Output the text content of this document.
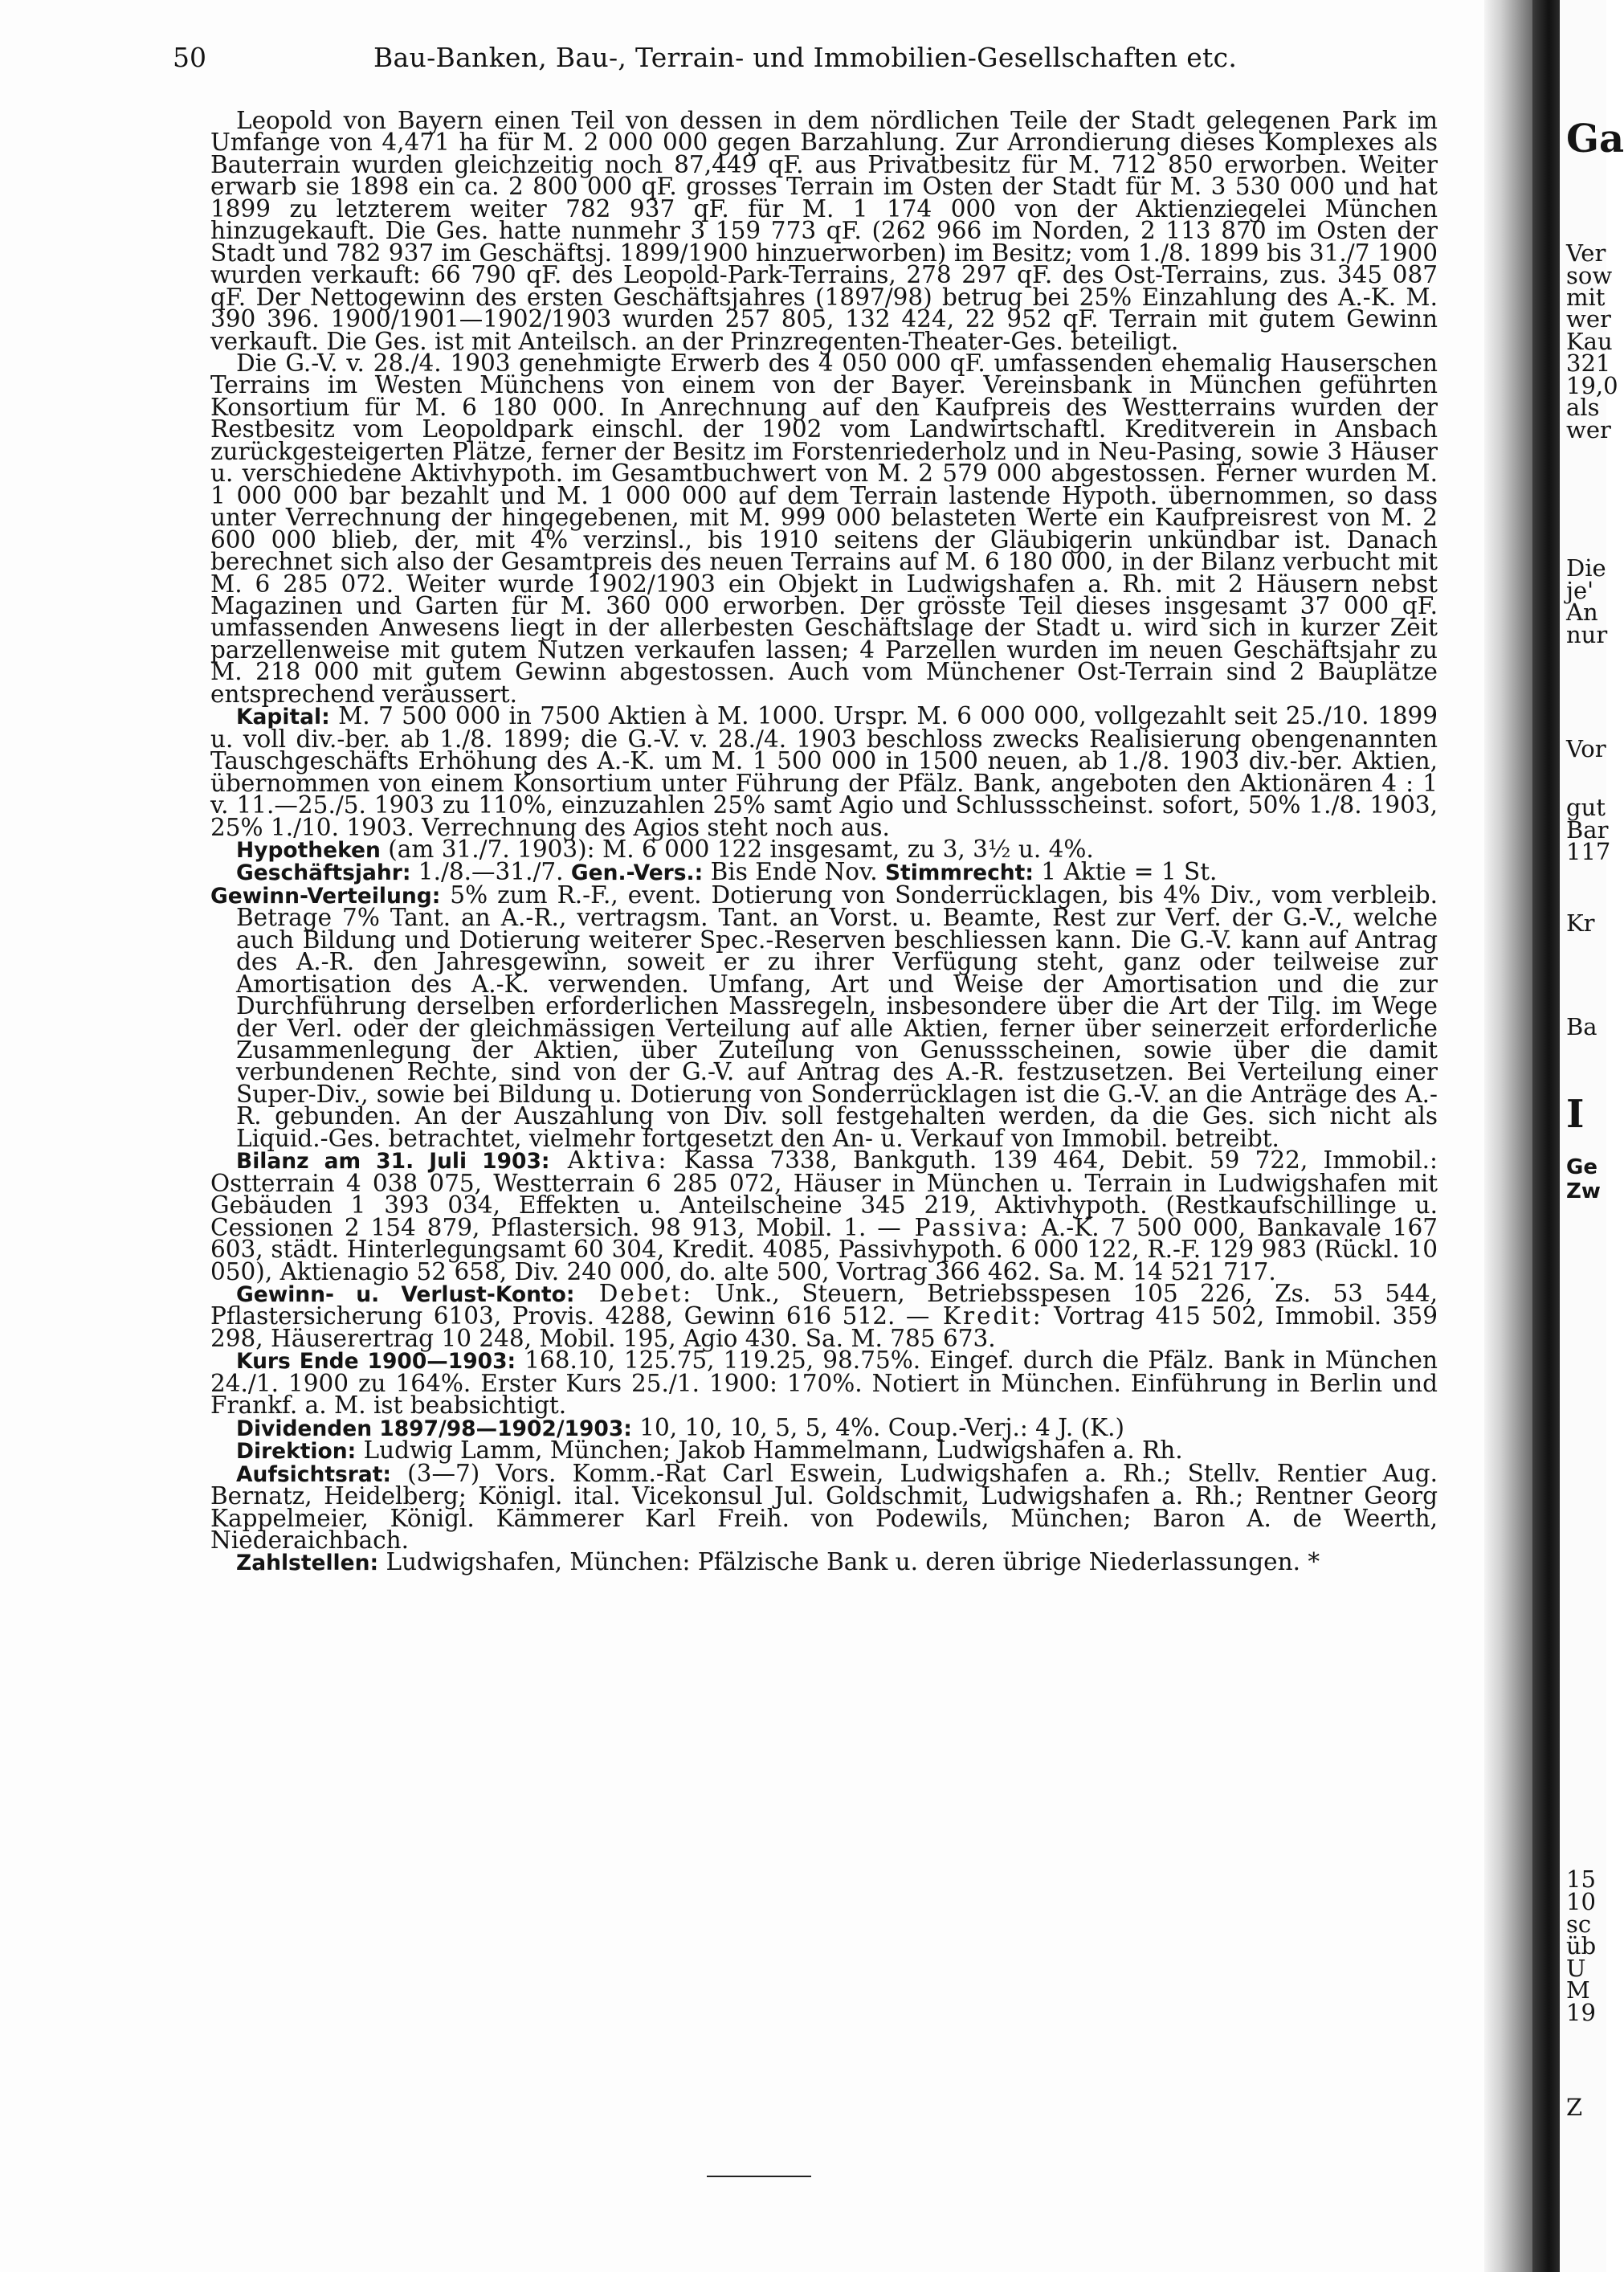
50	Bau-Banken, Bau-, Terrain- und Immobilien-Gesellschaften etc.

Leopold von Bayern einen Teil von dessen in dem nördlichen Teile der Stadt gelegenen Park im Umfange von 4,471 ha für M. 2 000 000 gegen Barzahlung. Zur Arrondierung dieses Komplexes als Bauterrain wurden gleichzeitig noch 87,449 qF. aus Privatbesitz für M. 712 850 erworben. Weiter erwarb sie 1898 ein ca. 2 800 000 qF. grosses Terrain im Osten der Stadt für M. 3 530 000 und hat 1899 zu letzterem weiter 782 937 qF. für M. 1 174 000 von der Aktienziegelei München hinzugekauft. Die Ges. hatte nunmehr 3 159 773 qF. (262 966 im Norden, 2 113 870 im Osten der Stadt und 782 937 im Geschäftsj. 1899/1900 hinzuerworben) im Besitz; vom 1./8. 1899 bis 31./7 1900 wurden verkauft: 66 790 qF. des Leopold-Park-Terrains, 278 297 qF. des Ost-Terrains, zus. 345 087 qF. Der Nettogewinn des ersten Geschäftsjahres (1897/98) betrug bei 25% Einzahlung des A.-K. M. 390 396. 1900/1901—1902/1903 wurden 257 805, 132 424, 22 952 qF. Terrain mit gutem Gewinn verkauft. Die Ges. ist mit Anteilsch. an der Prinzregenten-Theater-Ges. beteiligt.

Die G.-V. v. 28./4. 1903 genehmigte Erwerb des 4 050 000 qF. umfassenden ehemalig Hauserschen Terrains im Westen Münchens von einem von der Bayer. Vereinsbank in München geführten Konsortium für M. 6 180 000. In Anrechnung auf den Kaufpreis des Westterrains wurden der Restbesitz vom Leopoldpark einschl. der 1902 vom Landwirtschaftl. Kreditverein in Ansbach zurückgesteigerten Plätze, ferner der Besitz im Forstenriederholz und in Neu-Pasing, sowie 3 Häuser u. verschiedene Aktivhypoth. im Gesamtbuchwert von M. 2 579 000 abgestossen. Ferner wurden M. 1 000 000 bar bezahlt und M. 1 000 000 auf dem Terrain lastende Hypoth. übernommen, so dass unter Verrechnung der hingegebenen, mit M. 999 000 belasteten Werte ein Kaufpreisrest von M. 2 600 000 blieb, der, mit 4% verzinsl., bis 1910 seitens der Gläubigerin unkündbar ist. Danach berechnet sich also der Gesamtpreis des neuen Terrains auf M. 6 180 000, in der Bilanz verbucht mit M. 6 285 072. Weiter wurde 1902/1903 ein Objekt in Ludwigshafen a. Rh. mit 2 Häusern nebst Magazinen und Garten für M. 360 000 erworben. Der grösste Teil dieses insgesamt 37 000 qF. umfassenden Anwesens liegt in der allerbesten Geschäftslage der Stadt u. wird sich in kurzer Zeit parzellenweise mit gutem Nutzen verkaufen lassen; 4 Parzellen wurden im neuen Geschäftsjahr zu M. 218 000 mit gutem Gewinn abgestossen. Auch vom Münchener Ost-Terrain sind 2 Bauplätze entsprechend veräussert.

Kapital: M. 7 500 000 in 7500 Aktien à M. 1000. Urspr. M. 6 000 000, vollgezahlt seit 25./10. 1899 u. voll div.-ber. ab 1./8. 1899; die G.-V. v. 28./4. 1903 beschloss zwecks Realisierung obengenannten Tauschgeschäfts Erhöhung des A.-K. um M. 1 500 000 in 1500 neuen, ab 1./8. 1903 div.-ber. Aktien, übernommen von einem Konsortium unter Führung der Pfälz. Bank, angeboten den Aktionären 4 : 1 v. 11.—25./5. 1903 zu 110%, einzuzahlen 25% samt Agio und Schlussscheinst. sofort, 50% 1./8. 1903, 25% 1./10. 1903. Verrechnung des Agios steht noch aus.

Hypotheken (am 31./7. 1903): M. 6 000 122 insgesamt, zu 3, 3½ u. 4%.

Geschäftsjahr: 1./8.—31./7. Gen.-Vers.: Bis Ende Nov. Stimmrecht: 1 Aktie = 1 St.

Gewinn-Verteilung: 5% zum R.-F., event. Dotierung von Sonderrücklagen, bis 4% Div., vom verbleib. Betrage 7% Tant. an A.-R., vertragsm. Tant. an Vorst. u. Beamte, Rest zur Verf. der G.-V., welche auch Bildung und Dotierung weiterer Spec.-Reserven beschliessen kann. Die G.-V. kann auf Antrag des A.-R. den Jahresgewinn, soweit er zu ihrer Verfügung steht, ganz oder teilweise zur Amortisation des A.-K. verwenden. Umfang, Art und Weise der Amortisation und die zur Durchführung derselben erforderlichen Massregeln, insbesondere über die Art der Tilg. im Wege der Verl. oder der gleichmässigen Verteilung auf alle Aktien, ferner über seinerzeit erforderliche Zusammenlegung der Aktien, über Zuteilung von Genussscheinen, sowie über die damit verbundenen Rechte, sind von der G.-V. auf Antrag des A.-R. festzusetzen. Bei Verteilung einer Super-Div., sowie bei Bildung u. Dotierung von Sonderrücklagen ist die G.-V. an die Anträge des A.-R. gebunden. An der Auszahlung von Div. soll festgehalten werden, da die Ges. sich nicht als Liquid.-Ges. betrachtet, vielmehr fortgesetzt den An- u. Verkauf von Immobil. betreibt.

Bilanz am 31. Juli 1903: Aktiva: Kassa 7338, Bankguth. 139 464, Debit. 59 722, Immobil.: Ostterrain 4 038 075, Westterrain 6 285 072, Häuser in München u. Terrain in Ludwigshafen mit Gebäuden 1 393 034, Effekten u. Anteilscheine 345 219, Aktivhypoth. (Restkaufschillinge u. Cessionen 2 154 879, Pflastersich. 98 913, Mobil. 1. — Passiva: A.-K. 7 500 000, Bankavale 167 603, städt. Hinterlegungsamt 60 304, Kredit. 4085, Passivhypoth. 6 000 122, R.-F. 129 983 (Rückl. 10 050), Aktienagio 52 658, Div. 240 000, do. alte 500, Vortrag 366 462. Sa. M. 14 521 717.

Gewinn- u. Verlust-Konto: Debet: Unk., Steuern, Betriebsspesen 105 226, Zs. 53 544, Pflastersicherung 6103, Provis. 4288, Gewinn 616 512. — Kredit: Vortrag 415 502, Immobil. 359 298, Häuserertrag 10 248, Mobil. 195, Agio 430. Sa. M. 785 673.

Kurs Ende 1900—1903: 168.10, 125.75, 119.25, 98.75%. Eingef. durch die Pfälz. Bank in München 24./1. 1900 zu 164%. Erster Kurs 25./1. 1900: 170%. Notiert in München. Einführung in Berlin und Frankf. a. M. ist beabsichtigt.

Dividenden 1897/98—1902/1903: 10, 10, 10, 5, 5, 4%. Coup.-Verj.: 4 J. (K.)

Direktion: Ludwig Lamm, München; Jakob Hammelmann, Ludwigshafen a. Rh.

Aufsichtsrat: (3—7) Vors. Komm.-Rat Carl Eswein, Ludwigshafen a. Rh.; Stellv. Rentier Aug. Bernatz, Heidelberg; Königl. ital. Vicekonsul Jul. Goldschmit, Ludwigshafen a. Rh.; Rentner Georg Kappelmeier, Königl. Kämmerer Karl Freih. von Podewils, München; Baron A. de Weerth, Niederaichbach.

Zahlstellen: Ludwigshafen, München: Pfälzische Bank u. deren übrige Niederlassungen. *

Ga
Ver
sow
mit
wer
Kau
321
19,0
als
wer
Die
je'
An
nur
Vor
gut
Bar
117
Kr
Ba
I
Ge
Zw
15
10
sc
üb
U
M
19
Z
